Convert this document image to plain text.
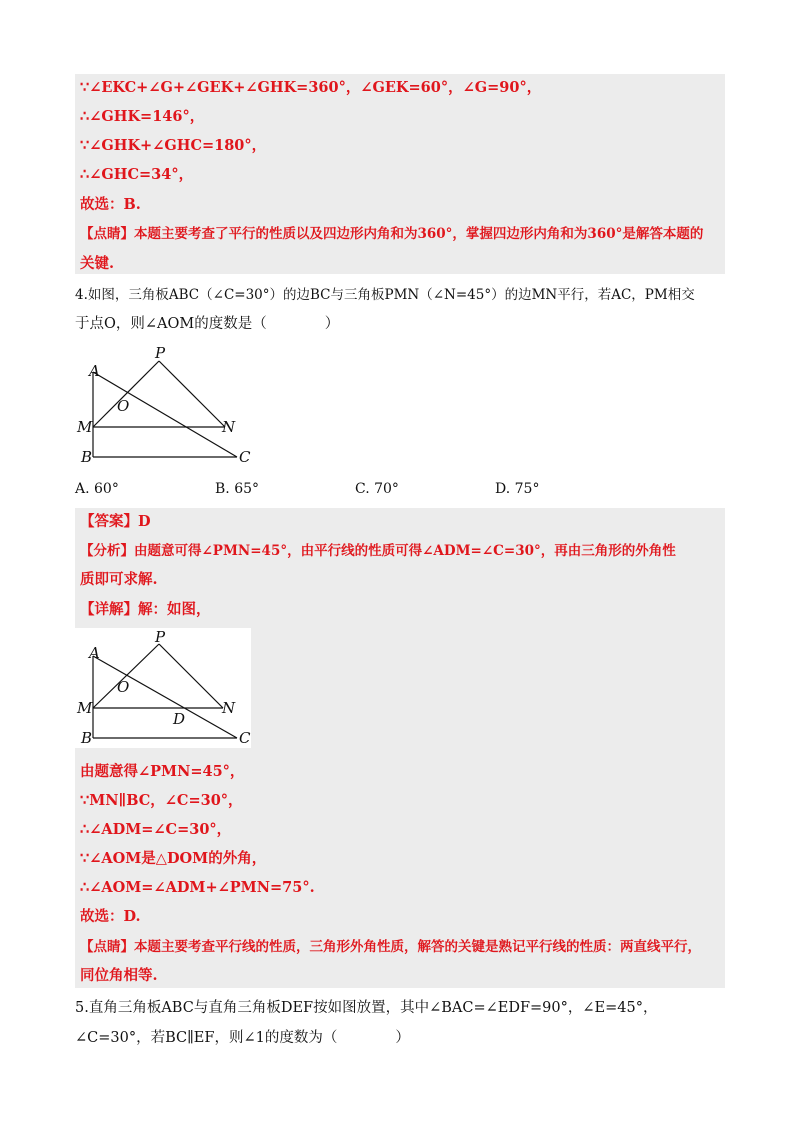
∵∠EKC+∠G+∠GEK+∠GHK=360°，∠GEK=60°，∠G=90°，
∴∠GHK=146°，
∵∠GHK+∠GHC=180°，
∴∠GHC=34°，
故选：B.
【点睛】本题主要考查了平行的性质以及四边形内角和为360°，掌握四边形内角和为360°是解答本题的
关键.
4.如图，三角板ABC（∠C=30°）的边BC与三角板PMN（∠N=45°）的边MN平行，若AC，PM相交
于点O，则∠AOM的度数是（　　　　）
P
A
O
M	N
B	C
A. 60°	B. 65°	C. 70°	D. 75°
【答案】D
【分析】由题意可得∠PMN=45°，由平行线的性质可得∠ADM=∠C=30°，再由三角形的外角性
质即可求解.
【详解】解：如图，
P
A
O
M	N
D
B	C
由题意得∠PMN=45°，
∵MN∥BC，∠C=30°，
∴∠ADM=∠C=30°，
∵∠AOM是△DOM的外角，
∴∠AOM=∠ADM+∠PMN=75°.
故选：D.
【点睛】本题主要考查平行线的性质，三角形外角性质，解答的关键是熟记平行线的性质：两直线平行，
同位角相等.
5.直角三角板ABC与直角三角板DEF按如图放置，其中∠BAC=∠EDF=90°，∠E=45°，
∠C=30°，若BC∥EF，则∠1的度数为（　　　　）
